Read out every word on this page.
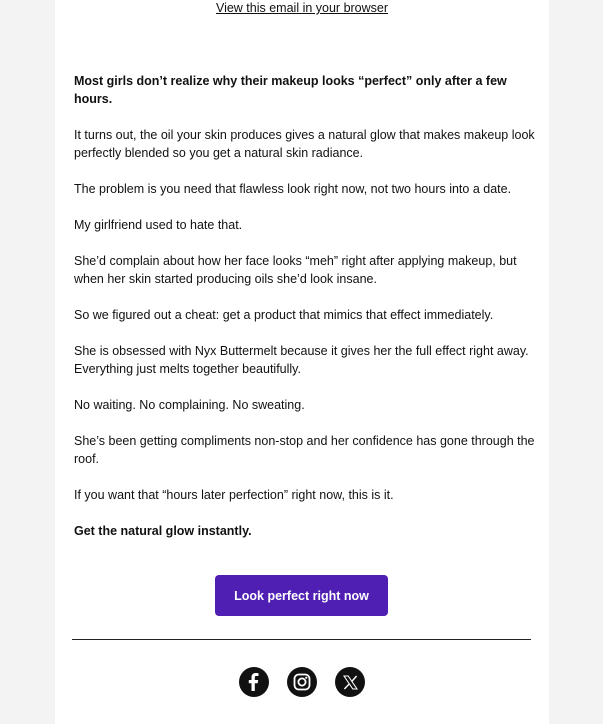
View this email in your browser

Most girls don’t realize why their makeup looks “perfect” only after a few hours.

It turns out, the oil your skin produces gives a natural glow that makes makeup look perfectly blended so you get a natural skin radiance.

The problem is you need that flawless look right now, not two hours into a date.

My girlfriend used to hate that.

She’d complain about how her face looks “meh” right after applying makeup, but when her skin started producing oils she’d look insane.

So we figured out a cheat: get a product that mimics that effect immediately.

She is obsessed with Nyx Buttermelt because it gives her the full effect right away. Everything just melts together beautifully.

No waiting. No complaining. No sweating.

She’s been getting compliments non-stop and her confidence has gone through the roof.

If you want that “hours later perfection” right now, this is it.

Get the natural glow instantly.

Look perfect right now
